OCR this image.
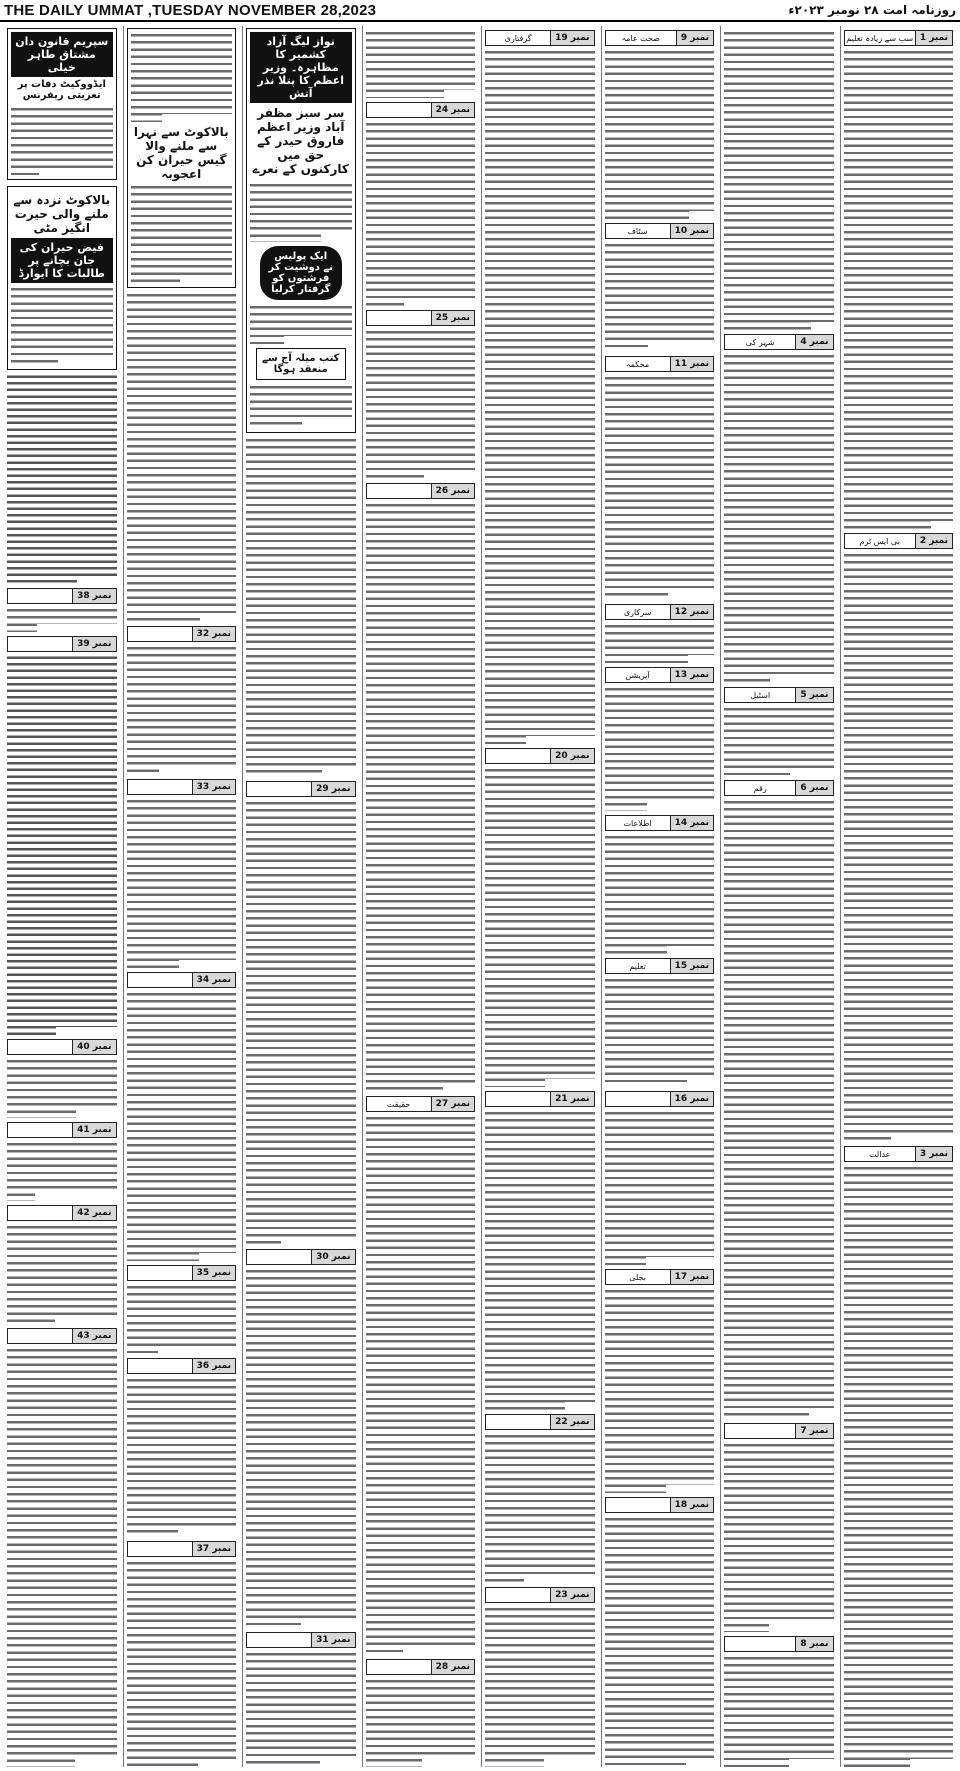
THE DAILY UMMAT ,TUESDAY NOVEMBER 28,2023	روزنامہ امت ۲۸ نومبر ۲۰۲۳ء
نمبر 1
سب سے زیادہ تعلیم
نمبر 2
بی ایس ٹرم
نمبر 3
عدالت
نمبر 4
شہر کی
نمبر 5
اسٹیل
نمبر 6
رقم
نمبر 7
نمبر 8
نمبر 9
صحت عامہ
نمبر 10
سٹاف
نمبر 11
محکمہ
نمبر 12
سرکاری
نمبر 13
آپریشن
نمبر 14
اطلاعات
نمبر 15
تعلیم
نمبر 16
نمبر 17
بجلی
نمبر 18
نمبر 19
گرفتاری
نمبر 20
نمبر 21
نمبر 22
نمبر 23
نمبر 24
نمبر 25
نمبر 26
نمبر 27
حقیقت
نمبر 28
نواز لیگ آزاد کشمیر کا مظاہرہ۔ وزیر اعظم کا پتلا نذر آتش
سر سبز مظفر آباد وزیر اعظم فاروق حیدر کے حق میں کارکنوں کے نعرے
ایک پولیس نے دوشیت کر فرشتوں کو گرفتار کرلیا
کتب میلہ آج سے منعقد ہوگا
نمبر 29
نمبر 30
نمبر 31
بالاکوٹ سے نہرا سے ملنے والا گیس حیران کن اعجوبہ
نمبر 32
نمبر 33
نمبر 34
نمبر 35
نمبر 36
نمبر 37
سپریم قانون دان مشتاق طاہر خیلی
ایڈووکیٹ دفات پر تعزیتی ریفرنس
بالاکوٹ نزدہ سے ملنے والی حیرت انگیز مٹی
فیض حیران کی جان بچانے پر طالبات کا ایوارڈ
نمبر 38
نمبر 39
نمبر 40
نمبر 41
نمبر 42
نمبر 43
